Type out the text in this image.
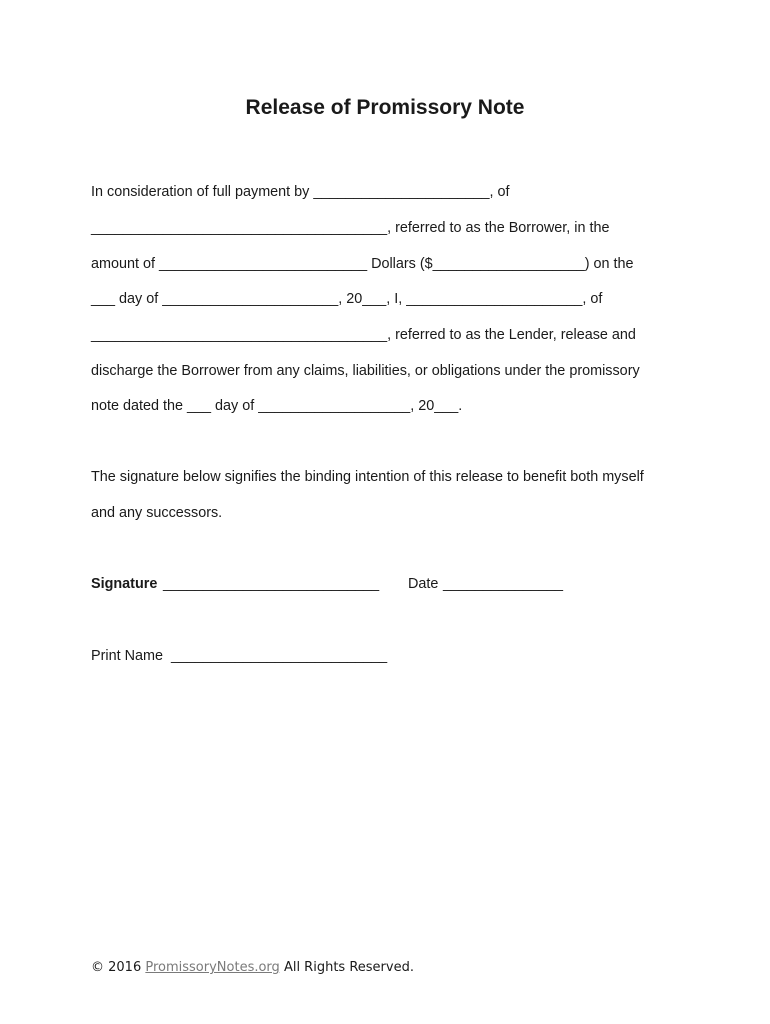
Release of Promissory Note
In consideration of full payment by ______________________, of
_____________________________________, referred to as the Borrower, in the
amount of __________________________ Dollars ($___________________) on the
___ day of ______________________, 20___, I, ______________________, of
_____________________________________, referred to as the Lender, release and
discharge the Borrower from any claims, liabilities, or obligations under the promissory
note dated the ___ day of ___________________, 20___.
The signature below signifies the binding intention of this release to benefit both myself
and any successors.
Signature ___________________________ Date _______________
Print Name ___________________________
© 2016 PromissoryNotes.org All Rights Reserved.
